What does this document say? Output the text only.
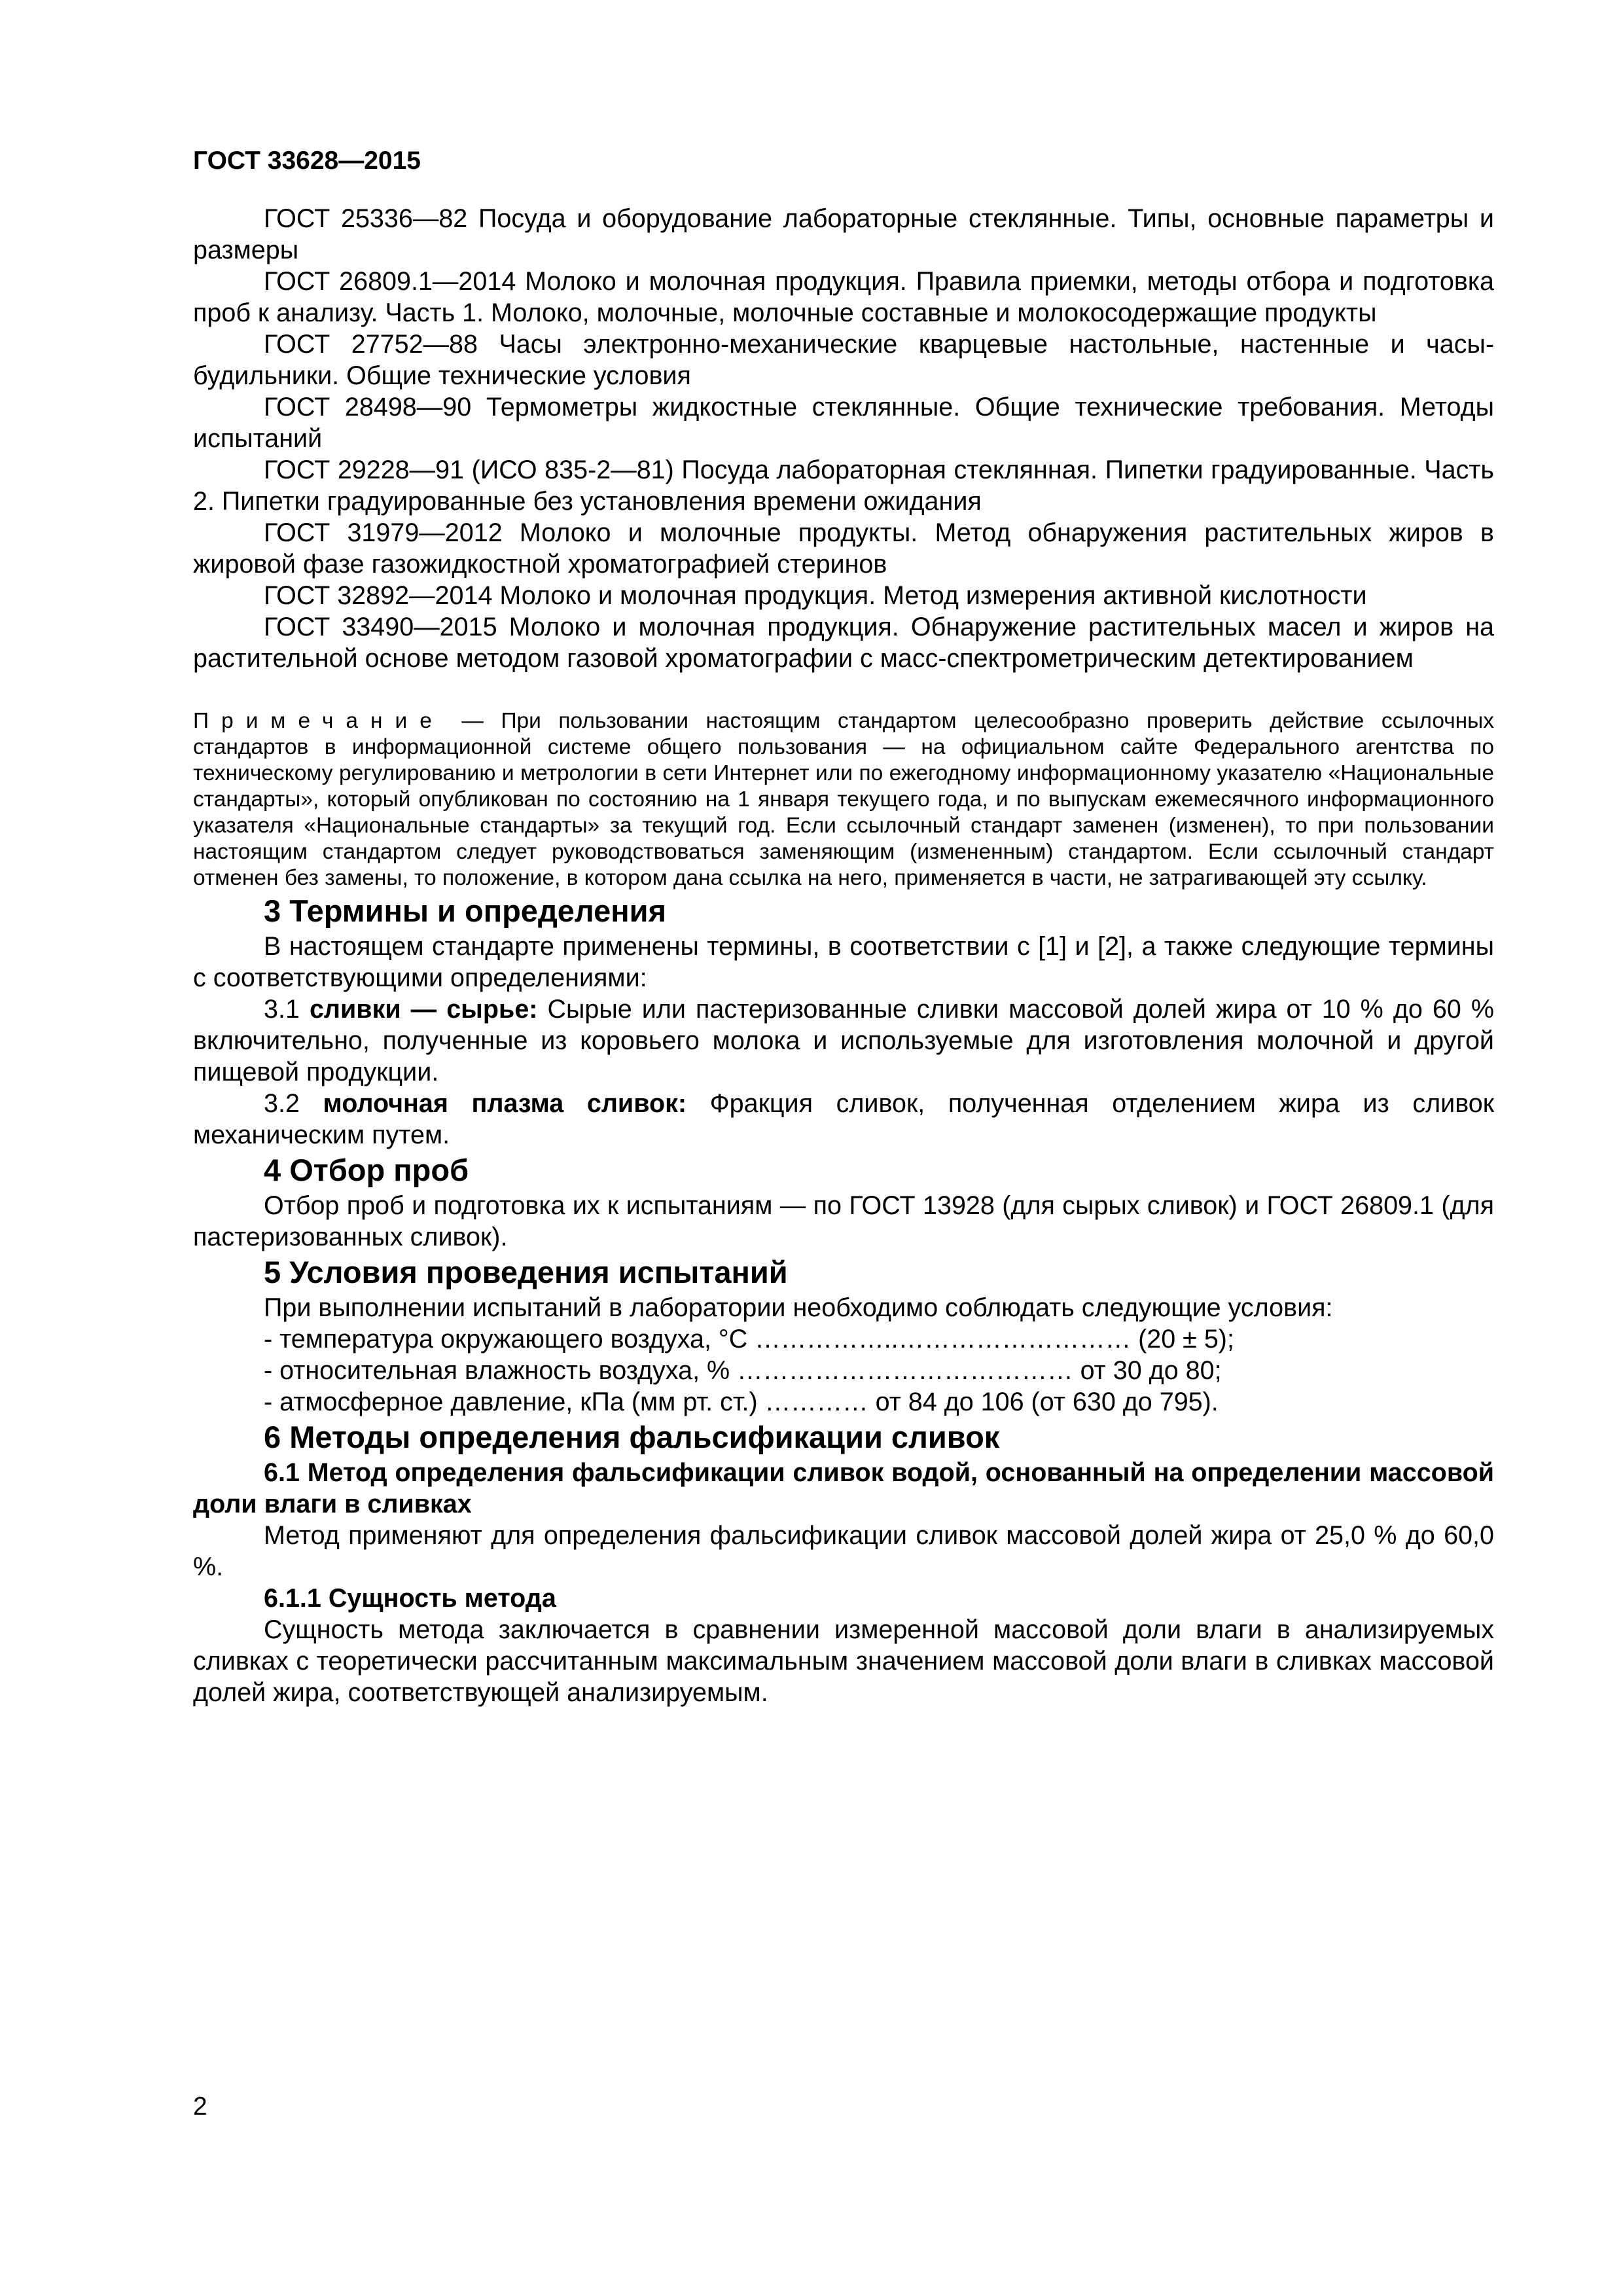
ГОСТ 33628—2015

ГОСТ 25336—82 Посуда и оборудование лабораторные стеклянные. Типы, основные параметры и размеры

ГОСТ 26809.1—2014 Молоко и молочная продукция. Правила приемки, методы отбора и подготовка проб к анализу. Часть 1. Молоко, молочные, молочные составные и молокосодержащие продукты

ГОСТ 27752—88 Часы электронно-механические кварцевые настольные, настенные и часы-будильники. Общие технические условия

ГОСТ 28498—90 Термометры жидкостные стеклянные. Общие технические требования. Методы испытаний

ГОСТ 29228—91 (ИСО 835-2—81) Посуда лабораторная стеклянная. Пипетки градуированные. Часть 2. Пипетки градуированные без установления времени ожидания

ГОСТ 31979—2012 Молоко и молочные продукты. Метод обнаружения растительных жиров в жировой фазе газожидкостной хроматографией стеринов

ГОСТ 32892—2014 Молоко и молочная продукция. Метод измерения активной кислотности

ГОСТ 33490—2015 Молоко и молочная продукция. Обнаружение растительных масел и жиров на растительной основе методом газовой хроматографии с масс-спектрометрическим детектированием

Примечание — При пользовании настоящим стандартом целесообразно проверить действие ссылочных стандартов в информационной системе общего пользования — на официальном сайте Федерального агентства по техническому регулированию и метрологии в сети Интернет или по ежегодному информационному указателю «Национальные стандарты», который опубликован по состоянию на 1 января текущего года, и по выпускам ежемесячного информационного указателя «Национальные стандарты» за текущий год. Если ссылочный стандарт заменен (изменен), то при пользовании настоящим стандартом следует руководствоваться заменяющим (измененным) стандартом. Если ссылочный стандарт отменен без замены, то положение, в котором дана ссылка на него, применяется в части, не затрагивающей эту ссылку.

3 Термины и определения

В настоящем стандарте применены термины, в соответствии с [1] и [2], а также следующие термины с соответствующими определениями:

3.1 сливки — сырье: Сырые или пастеризованные сливки массовой долей жира от 10 % до 60 % включительно, полученные из коровьего молока и используемые для изготовления молочной и другой пищевой продукции.

3.2 молочная плазма сливок: Фракция сливок, полученная отделением жира из сливок механическим путем.

4 Отбор проб

Отбор проб и подготовка их к испытаниям — по ГОСТ 13928 (для сырых сливок) и ГОСТ 26809.1 (для пастеризованных сливок).

5 Условия проведения испытаний

При выполнении испытаний в лаборатории необходимо соблюдать следующие условия:

- температура окружающего воздуха, °С ……………..……………………… (20 ± 5);

- относительная влажность воздуха, % ………………………………… от 30 до 80;

- атмосферное давление, кПа (мм рт. ст.) ………… от 84 до 106 (от 630 до 795).

6 Методы определения фальсификации сливок

6.1 Метод определения фальсификации сливок водой, основанный на определении массовой доли влаги в сливках

Метод применяют для определения фальсификации сливок массовой долей жира от 25,0 % до 60,0 %.

6.1.1 Сущность метода

Сущность метода заключается в сравнении измеренной массовой доли влаги в анализируемых сливках с теоретически рассчитанным максимальным значением массовой доли влаги в сливках массовой долей жира, соответствующей анализируемым.

2
